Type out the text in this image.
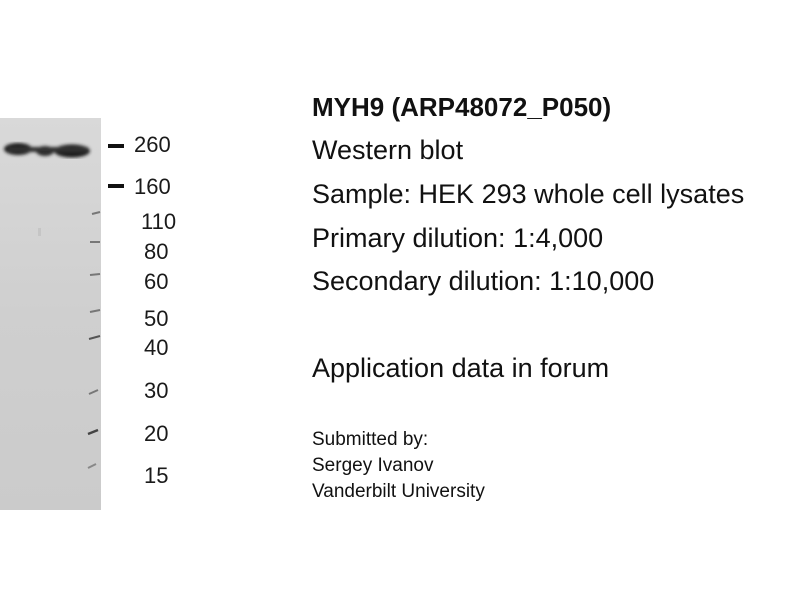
260
160
110
80
60
50
40
30
20
15
MYH9 (ARP48072_P050)
Western blot
Sample: HEK 293 whole cell lysates
Primary dilution: 1:4,000
Secondary dilution: 1:10,000
Application data in forum
Submitted by:
Sergey Ivanov
Vanderbilt University
